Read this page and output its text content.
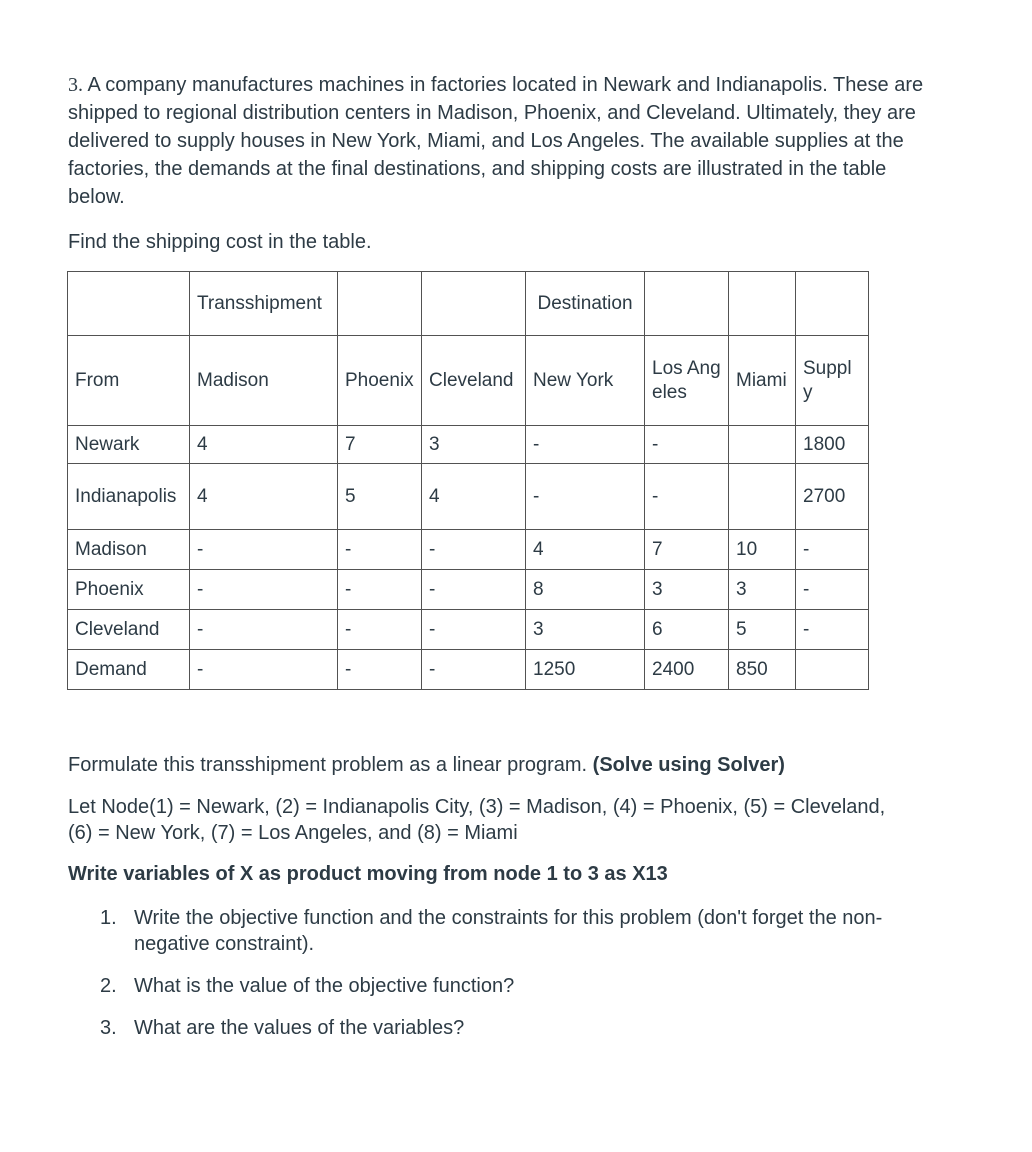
3. A company manufactures machines in factories located in Newark and Indianapolis. These are shipped to regional distribution centers in Madison, Phoenix, and Cleveland. Ultimately, they are delivered to supply houses in New York, Miami, and Los Angeles. The available supplies at the factories, the demands at the final destinations, and shipping costs are illustrated in the table below.

Find the shipping cost in the table.

	Transshipment			Destination			
From	Madison	Phoenix	Cleveland	New York	Los Angeles	Miami	Supply
Newark	4	7	3	-	-		1800
Indianapolis	4	5	4	-	-		2700
Madison	-	-	-	4	7	10	-
Phoenix	-	-	-	8	3	3	-
Cleveland	-	-	-	3	6	5	-
Demand	-	-	-	1250	2400	850	

Formulate this transshipment problem as a linear program. (Solve using Solver)

Let Node(1) = Newark, (2) = Indianapolis City, (3) = Madison, (4) = Phoenix, (5) = Cleveland, (6) = New York, (7) = Los Angeles, and (8) = Miami

Write variables of X as product moving from node 1 to 3 as X13

1. Write the objective function and the constraints for this problem (don't forget the non-negative constraint).
2. What is the value of the objective function?
3. What are the values of the variables?
